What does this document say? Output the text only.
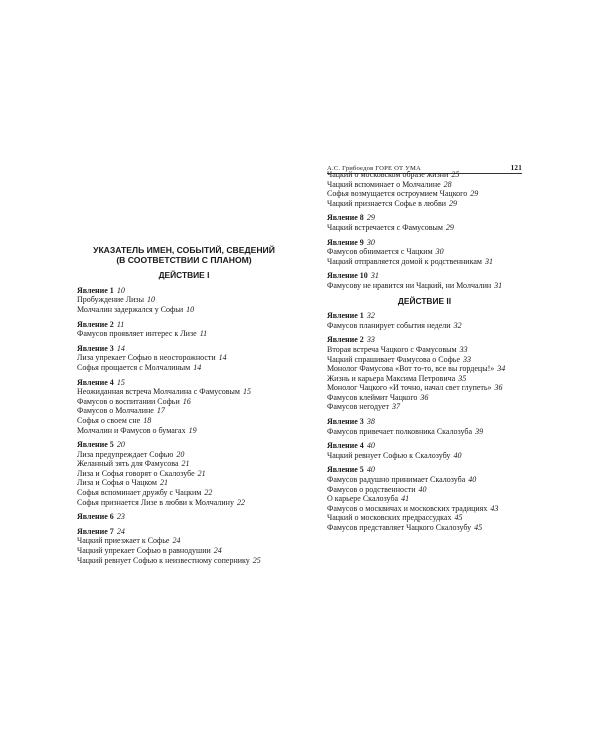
А.С. Грибоедов ГОРЕ ОТ УМА	121
УКАЗАТЕЛЬ ИМЕН, СОБЫТИЙ, СВЕДЕНИЙ
(В СООТВЕТСТВИИ С ПЛАНОМ)
ДЕЙСТВИЕ I
Явление 1 10
Пробуждение Лизы 10
Молчалин задержался у Софьи 10
Явление 2 11
Фамусов проявляет интерес к Лизе 11
Явление 3 14
Лиза упрекает Софью в неосторожности 14
Софья прощается с Молчалиным 14
Явление 4 15
Неожиданная встреча Молчалина с Фамусовым 15
Фамусов о воспитании Софьи 16
Фамусов о Молчалине 17
Софья о своем сне 18
Молчалин и Фамусов о бумагах 19
Явление 5 20
Лиза предупреждает Софью 20
Желанный зять для Фамусова 21
Лиза и Софья говорят о Скалозубе 21
Лиза и Софья о Чацком 21
Софья вспоминает дружбу с Чацким 22
Софья признается Лизе в любви к Молчалину 22
Явление 6 23
Явление 7 24
Чацкий приезжает к Софье 24
Чацкий упрекает Софью в равнодушии 24
Чацкий ревнует Софью к неизвестному сопернику 25
Чацкий о московском образе жизни 25
Чацкий вспоминает о Молчалине 28
Софья возмущается остроумием Чацкого 29
Чацкий признается Софье в любви 29
Явление 8 29
Чацкий встречается с Фамусовым 29
Явление 9 30
Фамусов обнимается с Чацким 30
Чацкий отправляется домой к родственникам 31
Явление 10 31
Фамусову не нравится ни Чацкий, ни Молчалин 31
ДЕЙСТВИЕ II
Явление 1 32
Фамусов планирует события недели 32
Явление 2 33
Вторая встреча Чацкого с Фамусовым 33
Чацкий спрашивает Фамусова о Софье 33
Монолог Фамусова «Вот то-то, все вы гордецы!» 34
Жизнь и карьера Максима Петровича 35
Монолог Чацкого «И точно, начал свет глупеть» 36
Фамусов клеймит Чацкого 36
Фамусов негодует 37
Явление 3 38
Фамусов привечает полковника Скалозуба 39
Явление 4 40
Чацкий ревнует Софью к Скалозубу 40
Явление 5 40
Фамусов радушно принимает Скалозуба 40
Фамусов о родственности 40
О карьере Скалозуба 41
Фамусов о москвичах и московских традициях 43
Чацкий о московских предрассудках 45
Фамусов представляет Чацкого Скалозубу 45
